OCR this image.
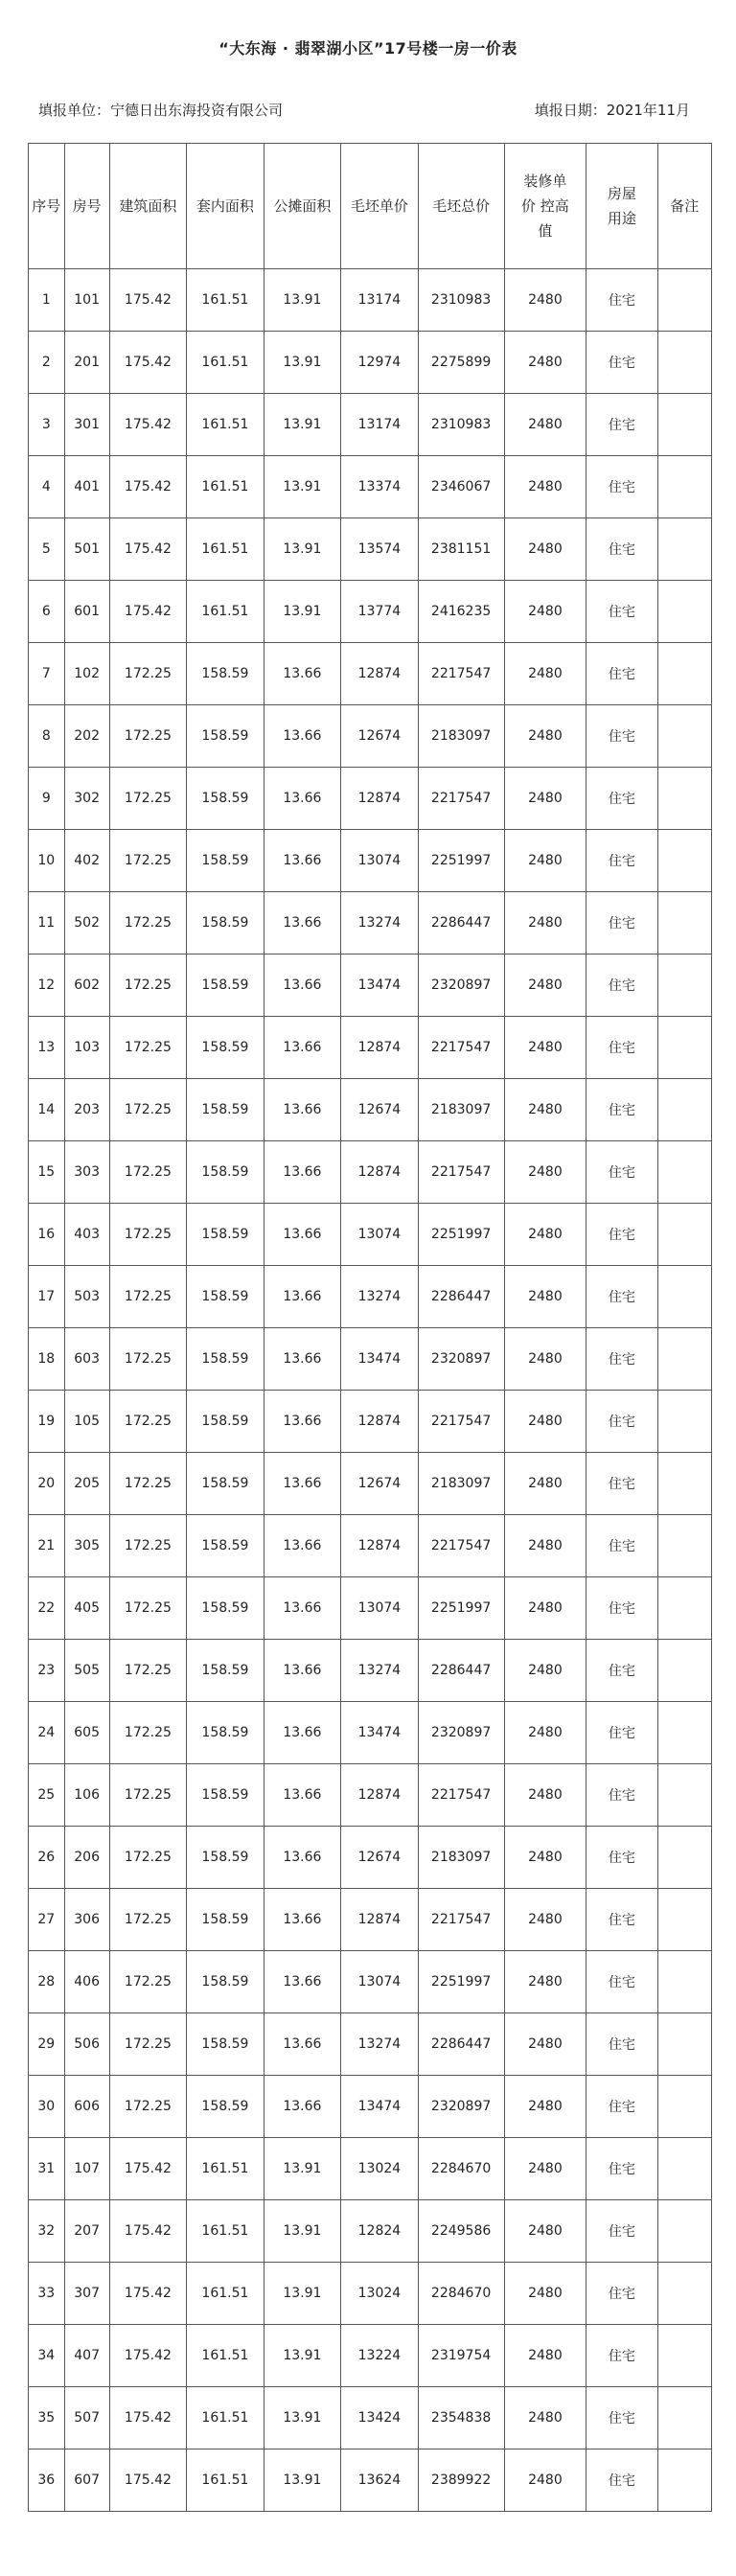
“大东海 · 翡翠湖小区”17号楼一房一价表
填报单位：宁德日出东海投资有限公司	填报日期：2021年11月
序号	房号	建筑面积	套内面积	公摊面积	毛坯单价	毛坯总价	装修单价 控高值	房屋用途	备注
1	101	175.42	161.51	13.91	13174	2310983	2480	住宅	
2	201	175.42	161.51	13.91	12974	2275899	2480	住宅	
3	301	175.42	161.51	13.91	13174	2310983	2480	住宅	
4	401	175.42	161.51	13.91	13374	2346067	2480	住宅	
5	501	175.42	161.51	13.91	13574	2381151	2480	住宅	
6	601	175.42	161.51	13.91	13774	2416235	2480	住宅	
7	102	172.25	158.59	13.66	12874	2217547	2480	住宅	
8	202	172.25	158.59	13.66	12674	2183097	2480	住宅	
9	302	172.25	158.59	13.66	12874	2217547	2480	住宅	
10	402	172.25	158.59	13.66	13074	2251997	2480	住宅	
11	502	172.25	158.59	13.66	13274	2286447	2480	住宅	
12	602	172.25	158.59	13.66	13474	2320897	2480	住宅	
13	103	172.25	158.59	13.66	12874	2217547	2480	住宅	
14	203	172.25	158.59	13.66	12674	2183097	2480	住宅	
15	303	172.25	158.59	13.66	12874	2217547	2480	住宅	
16	403	172.25	158.59	13.66	13074	2251997	2480	住宅	
17	503	172.25	158.59	13.66	13274	2286447	2480	住宅	
18	603	172.25	158.59	13.66	13474	2320897	2480	住宅	
19	105	172.25	158.59	13.66	12874	2217547	2480	住宅	
20	205	172.25	158.59	13.66	12674	2183097	2480	住宅	
21	305	172.25	158.59	13.66	12874	2217547	2480	住宅	
22	405	172.25	158.59	13.66	13074	2251997	2480	住宅	
23	505	172.25	158.59	13.66	13274	2286447	2480	住宅	
24	605	172.25	158.59	13.66	13474	2320897	2480	住宅	
25	106	172.25	158.59	13.66	12874	2217547	2480	住宅	
26	206	172.25	158.59	13.66	12674	2183097	2480	住宅	
27	306	172.25	158.59	13.66	12874	2217547	2480	住宅	
28	406	172.25	158.59	13.66	13074	2251997	2480	住宅	
29	506	172.25	158.59	13.66	13274	2286447	2480	住宅	
30	606	172.25	158.59	13.66	13474	2320897	2480	住宅	
31	107	175.42	161.51	13.91	13024	2284670	2480	住宅	
32	207	175.42	161.51	13.91	12824	2249586	2480	住宅	
33	307	175.42	161.51	13.91	13024	2284670	2480	住宅	
34	407	175.42	161.51	13.91	13224	2319754	2480	住宅	
35	507	175.42	161.51	13.91	13424	2354838	2480	住宅	
36	607	175.42	161.51	13.91	13624	2389922	2480	住宅	
